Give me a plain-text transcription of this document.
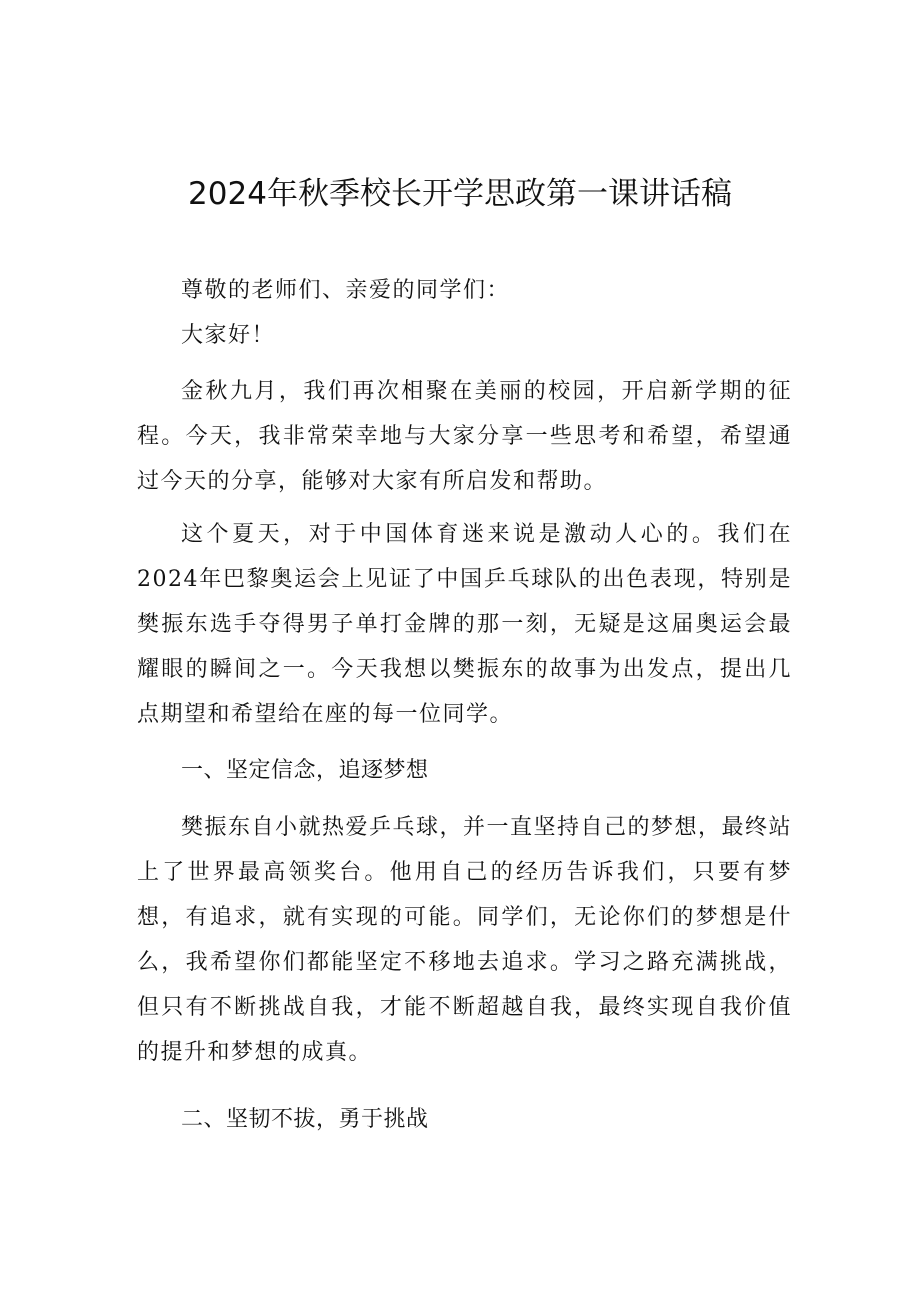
2024年秋季校长开学思政第一课讲话稿

尊敬的老师们、亲爱的同学们：

大家好！

金秋九月，我们再次相聚在美丽的校园，开启新学期的征程。今天，我非常荣幸地与大家分享一些思考和希望，希望通过今天的分享，能够对大家有所启发和帮助。

这个夏天，对于中国体育迷来说是激动人心的。我们在2024年巴黎奥运会上见证了中国乒乓球队的出色表现，特别是樊振东选手夺得男子单打金牌的那一刻，无疑是这届奥运会最耀眼的瞬间之一。今天我想以樊振东的故事为出发点，提出几点期望和希望给在座的每一位同学。

一、坚定信念，追逐梦想

樊振东自小就热爱乒乓球，并一直坚持自己的梦想，最终站上了世界最高领奖台。他用自己的经历告诉我们，只要有梦想，有追求，就有实现的可能。同学们，无论你们的梦想是什么，我希望你们都能坚定不移地去追求。学习之路充满挑战，但只有不断挑战自我，才能不断超越自我，最终实现自我价值的提升和梦想的成真。

二、坚韧不拔，勇于挑战
